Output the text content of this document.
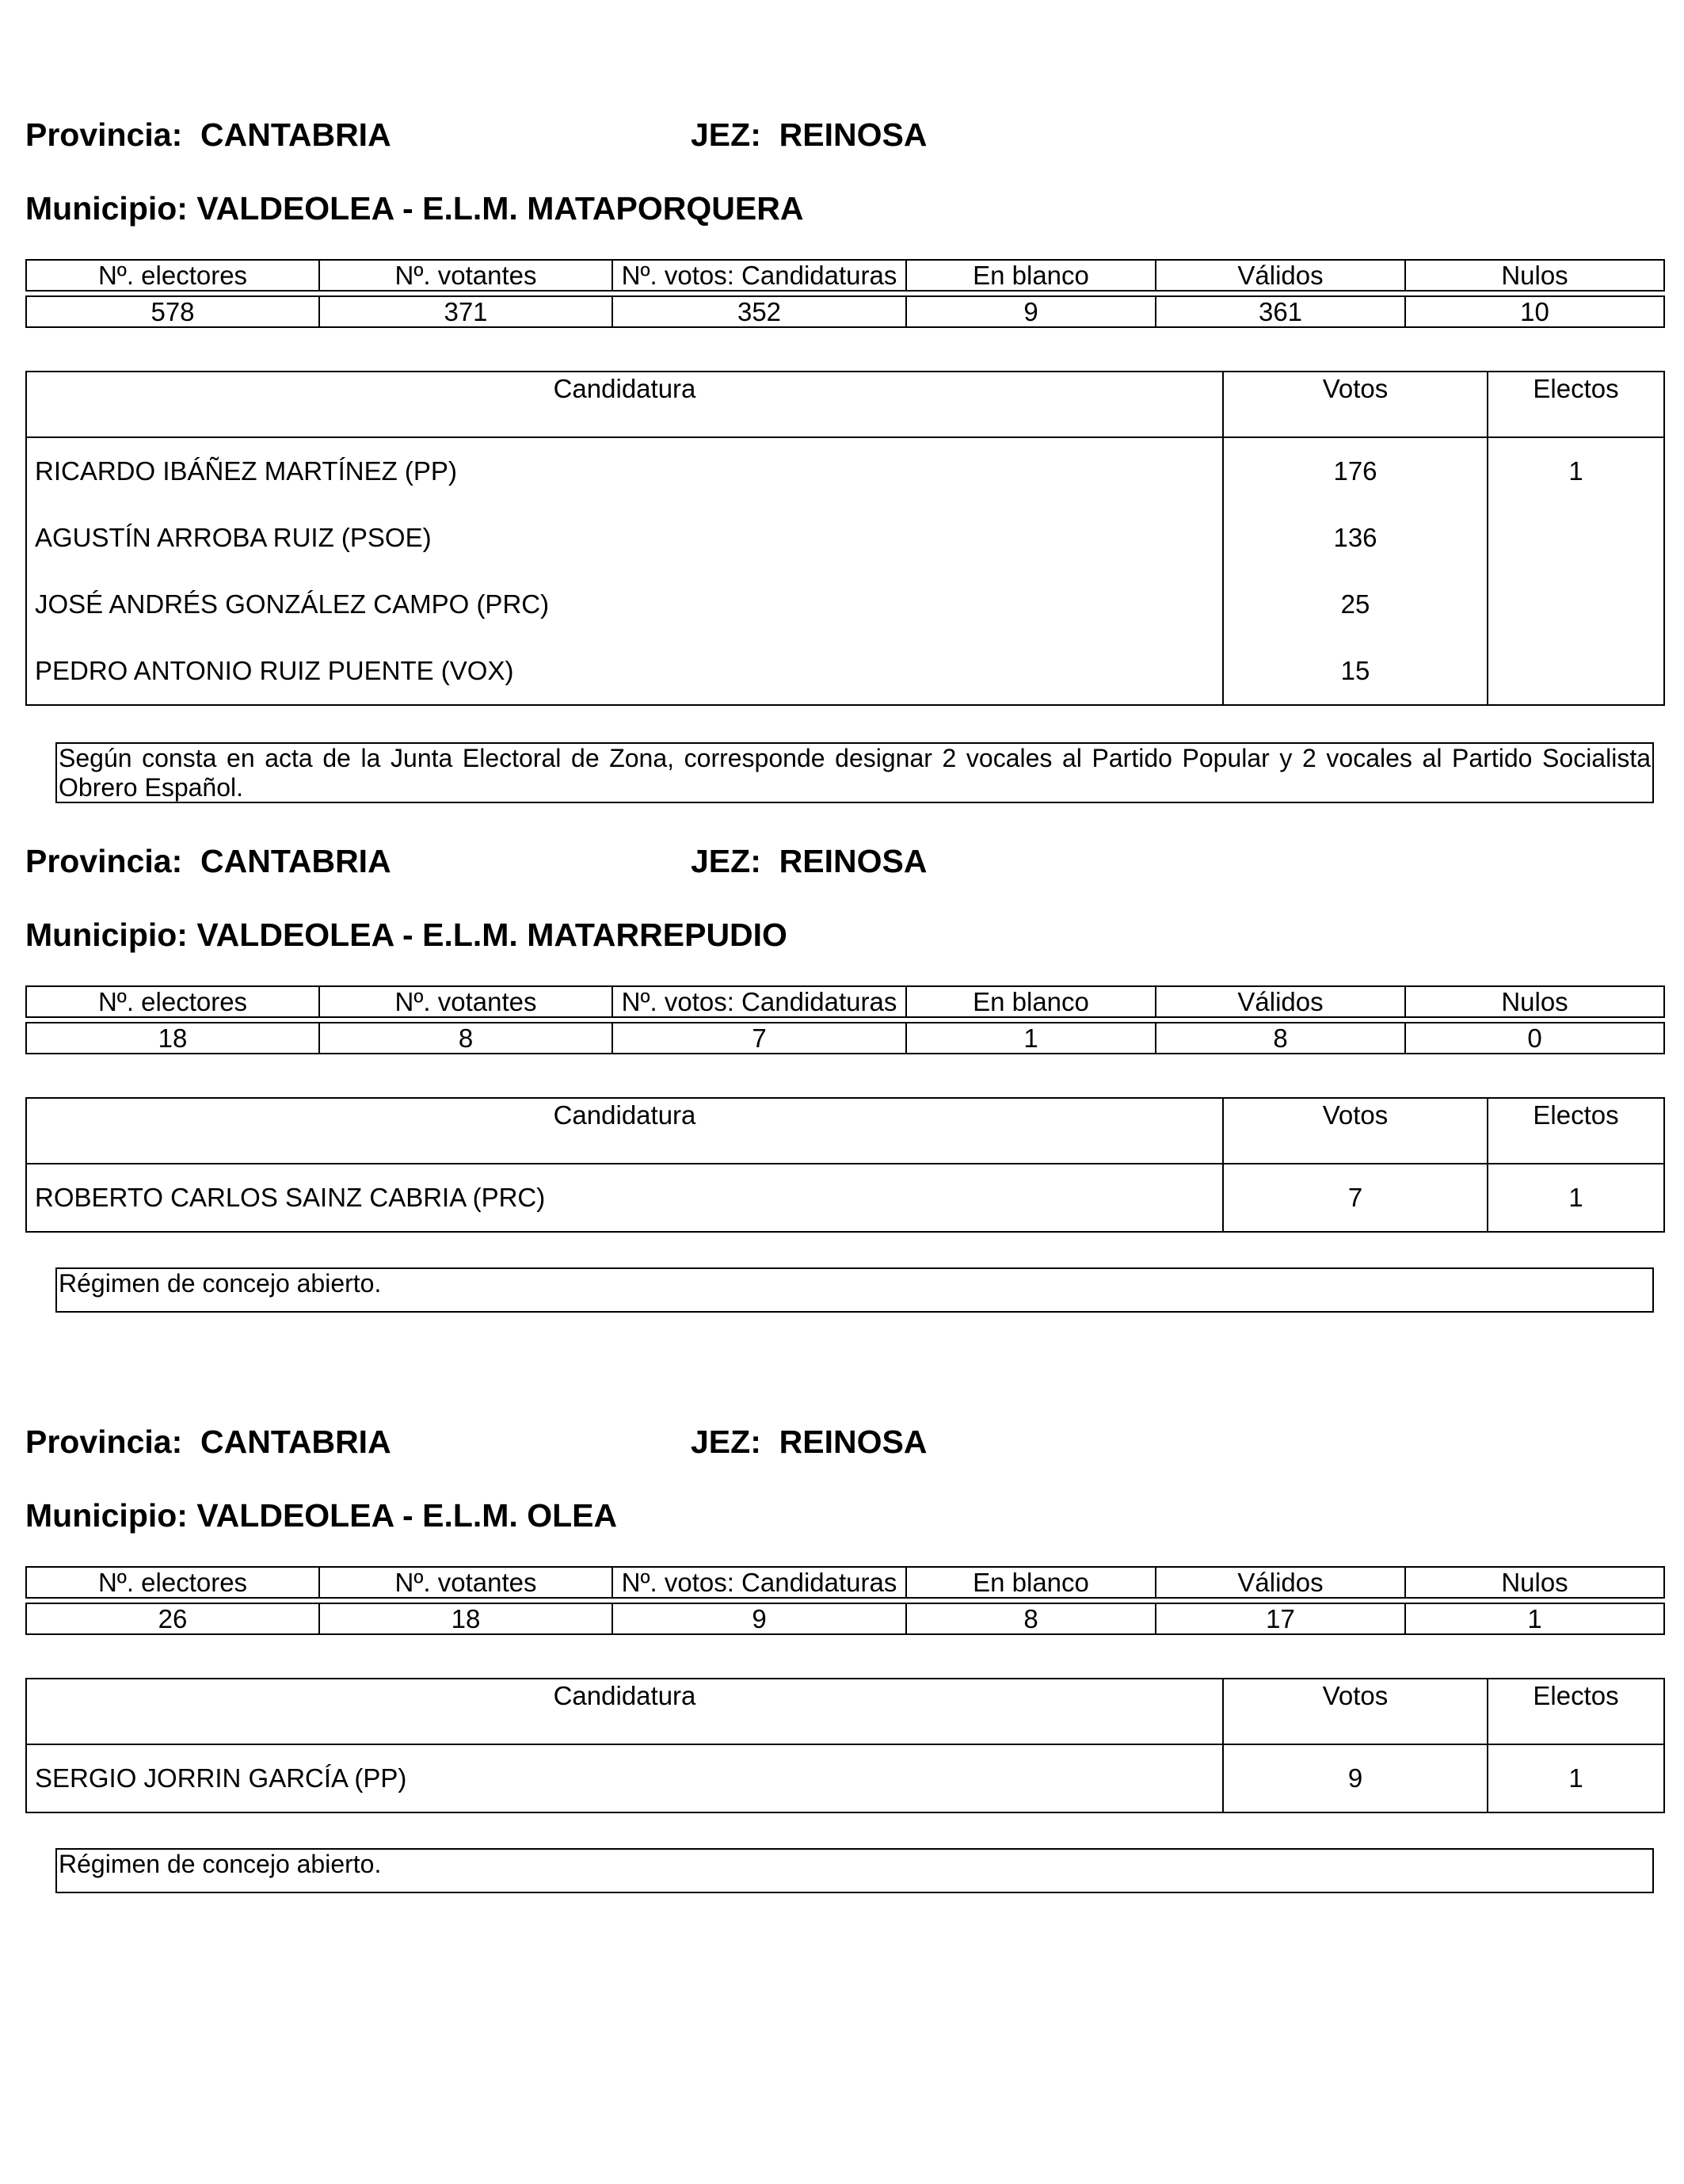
Provincia: CANTABRIA	JEZ: REINOSA
Municipio: VALDEOLEA - E.L.M. MATAPORQUERA
Nº. electores	Nº. votantes	Nº. votos: Candidaturas	En blanco	Válidos	Nulos

578	371	352	9	361	10
Candidatura	Votos	Electos
RICARDO IBÁÑEZ MARTÍNEZ (PP)	176	1
AGUSTÍN ARROBA RUIZ (PSOE)	136	
JOSÉ ANDRÉS GONZÁLEZ CAMPO (PRC)	25	
PEDRO ANTONIO RUIZ PUENTE (VOX)	15	
Según consta en acta de la Junta Electoral de Zona, corresponde designar 2 vocales al Partido Popular y 2 vocales al Partido Socialista Obrero Español.
Provincia: CANTABRIA	JEZ: REINOSA
Municipio: VALDEOLEA - E.L.M. MATARREPUDIO
Nº. electores	Nº. votantes	Nº. votos: Candidaturas	En blanco	Válidos	Nulos

18	8	7	1	8	0
Candidatura	Votos	Electos
ROBERTO CARLOS SAINZ CABRIA (PRC)	7	1
Régimen de concejo abierto.
Provincia: CANTABRIA	JEZ: REINOSA
Municipio: VALDEOLEA - E.L.M. OLEA
Nº. electores	Nº. votantes	Nº. votos: Candidaturas	En blanco	Válidos	Nulos

26	18	9	8	17	1
Candidatura	Votos	Electos
SERGIO JORRIN GARCÍA (PP)	9	1
Régimen de concejo abierto.
